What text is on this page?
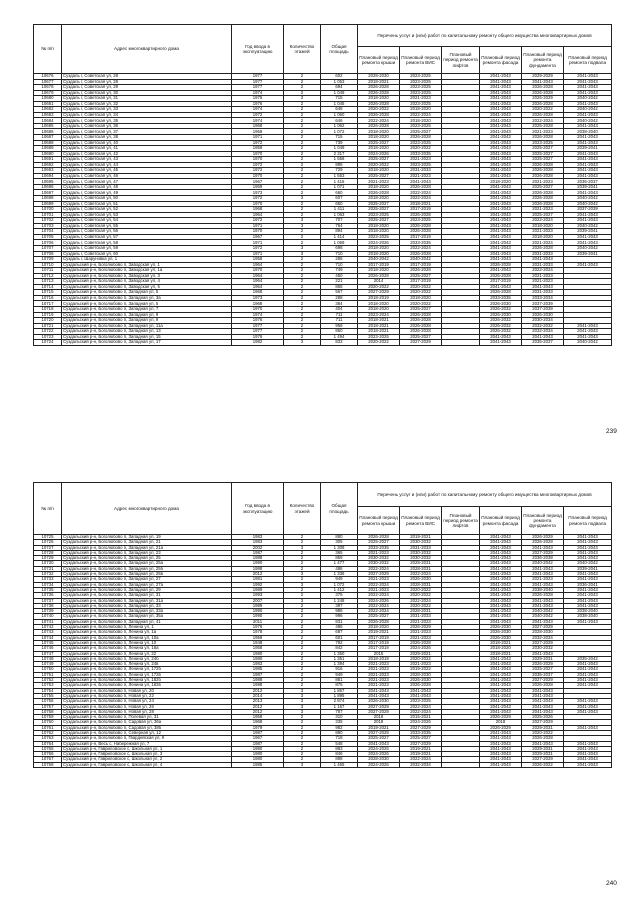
№ п/п	Адрес многоквартирного дома	Год ввода в эксплуатацию	Количество этажей	Общая площадь	Перечень услуг и (или) работ по капитальному ремонту общего имущества многоквартирных домов					
					Плановый период ремонта крыши	Плановый период ремонта ВИС	Плановый период ремонта лифтов	Плановый период ремонта фасада	Плановый период ремонта фундамента	Плановый период ремонта подвала
10676	Суздаль г, Советская ул, 28	1977	2	602	2028-2030	2023-2025		2041-2043	2029-2029	2041-2043
10677	Суздаль г, Советская ул, 28	1977	2	1 053	2018-2021	2023-2025		2041-2043	2041-2043	2041-2043
10678	Суздаль г, Советская ул, 29	1977	2	694	2026-2028	2023-2025		2041-2043	2026-2028	2041-2043
10679	Суздаль г, Советская ул, 30	1974	2	1 049	2026-2028	2023-2025		2041-2043	2026-2028	2041-2043
10680	Суздаль г, Советская ул, 31	1975	3	715	2018-2020	2021-2023		2041-2043	2026-2029	2040-2042
10681	Суздаль г, Советская ул, 32	1976	2	1 045	2026-2028	2023-2025		2041-2043	2026-2028	2041-2043
10682	Суздаль г, Советская ул, 33	1974	2	648	2020-2022	2018-2020		2041-2043	2020-2022	2040-2042
10683	Суздаль г, Советская ул, 34	1972	2	1 060	2026-2028	2022-2024		2041-2043	2026-2028	2041-2043
10684	Суздаль г, Советская ул, 35	1974	2	646	2022-2024	2018-2020		2041-2043	2022-2024	2040-2042
10685	Суздаль г, Советская ул, 36	1968	2	1 062	2026-2028	2023-2025		2041-2043	2026-2028	2041-2043
10686	Суздаль г, Советская ул, 37	1969	2	1 072	2018-2020	2025-2027		2041-2043	2021-2023	2038-2040
10687	Суздаль г, Советская ул, 38	1971	2	715	2018-2020	2026-2028		2041-2043	2026-2028	2041-2043
10688	Суздаль г, Советская ул, 40	1972	2	739	2025-2027	2023-2025		2041-2043	2023-2025	2041-2043
10689	Суздаль г, Советская ул, 41	1959	2	1 049	2018-2020	2020-2022		2041-2043	2025-2027	2039-2041
10690	Суздаль г, Советская ул, 42	1970	2	2 317	2024-2026	2033-2035		2041-2043	2025-2027	2041-2043
10691	Суздаль г, Советская ул, 43	1970	2	1 558	2025-2027	2021-2023		2041-2043	2025-2027	2041-2043
10692	Суздаль г, Советская ул, 44	1972	2	895	2020-2022	2023-2025		2041-2043	2026-2028	2041-2043
10693	Суздаль г, Советская ул, 45	1972	2	729	2018-2020	2031-2033		2041-2043	2026-2028	2041-2043
10694	Суздаль г, Советская ул, 46	1970	2	1 553	2025-2027	2021-2023		2041-2043	2026-2028	2041-2043
10695	Суздаль г, Советская ул, 47	1967	2	1 416	2021-2023	2041-2043		2018-2020	2021-2023	2035-2037
10696	Суздаль г, Советская ул, 48	1969	2	1 071	2018-2020	2026-2028		2041-2043	2025-2027	2039-2041
10697	Суздаль г, Советская ул, 49	1973	2	660	2026-2028	2022-2024		2041-2043	2026-2028	2041-2043
10698	Суздаль г, Советская ул, 50	1972	3	607	2018-2020	2022-2024		2041-2043	2026-2028	2040-2042
10699	Суздаль г, Советская ул, 51	1970	2	650	2025-2027	2018-2021		2041-2043	2026-2028	2040-2042
10700	Суздаль г, Советская ул, 52	1968	2	1 411	2025-2027	2017-2019		2041-2043	2021-2023	2037-2039
10701	Суздаль г, Советская ул, 53	1964	2	1 063	2023-2025	2026-2028		2041-2043	2025-2027	2041-2043
10702	Суздаль г, Советская ул, 54	1972	3	707	2025-2027	2023-2025		2041-2043	2022-2024	2041-2043
10703	Суздаль г, Советская ул, 55	1971	3	764	2018-2020	2026-2028		2041-2043	2018-2020	2040-2042
10704	Суздаль г, Советская ул, 56	1970	2	894	2018-2020	2026-2028		2041-2043	2021-2023	2039-2041
10705	Суздаль г, Советская ул, 57	1967	2	1 414	2023-2025	2017-2019		2041-2043	2018-2020	2041-2043
10706	Суздаль г, Советская ул, 58	1971	2	1 069	2024-2026	2033-2035		2041-2043	2021-2024	2041-2043
10707	Суздаль г, Советская ул, 59	1972	3	698	2018-2020	2022-2024		2041-2043	2026-2028	2040-2042
10708	Суздаль г, Советская ул, 60	1971	3	710	2018-2020	2026-2028		2041-2043	2031-2033	2039-2041
10709	Суздаль г, Шаруновка ул, 1	1958	2	286	2040-2042	2040-2042		2041-2043	2041-2043	
10710	Суздальский р-н, Боголюбово п, Заводская ул, 1	1964	2	710	2017-2019	2017-2019		2026-2028	2031-2033	2041-2043
10711	Суздальский р-н, Боголюбово п, Заводская ул, 1а	1970	2	749	2018-2020	2026-2028		2041-2043	2022-2024	
10712	Суздальский р-н, Боголюбово п, Заводская ул, 3	1964	2	450	2026-2028	2025-2027		2026-2028	2021-2023	
10713	Суздальский р-н, Боголюбово п, Заводская ул, 4	1964	2	221	2014	2017-2019		2017-2019	2021-2023	
10714	Суздальский р-н, Боголюбово п, Заводская ул, 5	1964	2	865	2020-2022	2020-2022		2041-2043	2041-2043	
10715	Суздальский р-н, Боголюбово п, Западная ул, 5	1968	2	567	2027-2029	2020-2022		2026-2028	2031-2033	
10716	Суздальский р-н, Боголюбово п, Западная ул, 3а	1973	2	288	2018-2019	2018-2020		2033-2035	2033-2034	
10717	Суздальский р-н, Боголюбово п, Западная ул, 5	1968	2	384	2018-2020	2020-2022		2026-2030	2037-2039	
10718	Суздальский р-н, Боголюбово п, Западная ул, 7	1970	2	404	2018-2020	2025-2027		2026-2032	2037-2039	
10719	Суздальский р-н, Боголюбово п, Западная ул, 9	1974	2	711	2023-2024	2026-2028		2026-2030	2026-2030	
10720	Суздальский р-н, Боголюбово п, Западная ул, 9	1976	2	711	2018-2021	2026-2028		2026-2032	2030-2034	
10721	Суздальский р-н, Боголюбово п, Западная ул, 11а	1977	2	958	2018-2021	2026-2028		2026-2032	2032-2032	2041-2043
10722	Суздальский р-н, Боголюбово п, Западная ул, 13	1977	2	860	2018-2021	2026-2028		2026-2032	2032-2034	2041-2043
10723	Суздальский р-н, Боголюбово п, Западная ул, 15	1976	2	1 494	2023-2025	2025-2027		2041-2043	2041-2043	2041-2043
10724	Суздальский р-н, Боголюбово п, Западная ул, 17	1982	3	833	2020-2022	2027-2029		2041-2043	2035-2037	2040-2042
239
№ п/п	Адрес многоквартирного дома	Год ввода в эксплуатацию	Количество этажей	Общая площадь	Перечень услуг и (или) работ по капитальному ремонту общего имущества многоквартирных домов					
					Плановый период ремонта крыши	Плановый период ремонта ВИС	Плановый период ремонта лифтов	Плановый период ремонта фасада	Плановый период ремонта фундамента	Плановый период ремонта подвала
10725	Суздальский р-н, Боголюбово п, Западная ул, 19	1983	2	880	2026-2028	2019-2021		2041-2043	2026-2029	2041-2043
10726	Суздальский р-н, Боголюбово п, Западная ул, 21	1983	2	305	2025-2027	2030-2032		2041-2043	2026-2028	2041-2043
10727	Суздальский р-н, Боголюбово п, Западная ул, 21а	2002	3	1 308	2033-2035	2031-2033		2041-2043	2041-2043	2041-2043
10728	Суздальский р-н, Боголюбово п, Западная ул, 23	1987	2	365	2021-2023	2030-2032		2041-2043	2027-2029	2041-2043
10729	Суздальский р-н, Боголюбово п, Западная ул, 25	1988	2	859	2030-2032	2030-2032		2041-2043	2036-2038	2041-2043
10730	Суздальский р-н, Боголюбово п, Западная ул, 25а	1990	2	1 477	2030-2032	2028-2031		2041-2043	2040-2042	2040-2042
10731	Суздальский р-н, Боголюбово п, Западная ул, 25б	1988	2	486	2022-2024	2028-2031		2041-2043	2041-2043	2039-2041
10732	Суздальский р-н, Боголюбово п, Западная ул, 25в	2012	3	1 336	2027-2029	2022-2024		2041-2043	2041-2043	2041-2043
10733	Суздальский р-н, Боголюбово п, Западная ул, 27	1981	2	949	2021-2023	2026-2030		2041-2043	2021-2023	2041-2043
10734	Суздальский р-н, Боголюбово п, Западная ул, 27а	1992	3	1 072	2022-2024	2028-2031		2041-2043	2041-2043	2036-2041
10735	Суздальский р-н, Боголюбово п, Западная ул, 29	1989	2	1 412	2021-2023	2020-2022		2041-2043	2038-2040	2041-2043
10736	Суздальский р-н, Боголюбово п, Западная ул, 31	1993	2	375	2022-2024	2020-2022		2041-2043	2026-2028	2041-2043
10737	Суздальский р-н, Боголюбово п, Западная ул, 31а	2007	3	1 248	2024-2026	2022-2024		2041-2043	2041-2043	2041-2043
10738	Суздальский р-н, Боголюбово п, Западная ул, 33	1989	2	387	2022-2024	2020-2022		2041-2043	2041-2043	2041-2043
10739	Суздальский р-н, Боголюбово п, Западная ул, 33а	1990	2	988	2022-2024	2028-2031		2041-2043	2040-2042	2038-2040
10740	Суздальский р-н, Боголюбово п, Западная ул, 35а	1990	2	996	2025-2027	2031-2033		2041-2043	2040-2042	2038-2040
10741	Суздальский р-н, Боголюбово п, Западная ул, 41	2011	2	831	2026-2028	2021-2023		2041-2043	2041-2043	2041-2043
10742	Суздальский р-н, Боголюбово п, Ленина ул, 1	1976	2	486	2018-2020	2026-2029		2026-2030	2027-2029	
10743	Суздальский р-н, Боголюбово п, Ленина ул, 1а	1978	2	687	2019-2021	2021-2023		2026-2030	2028-2030	
10744	Суздальский р-н, Боголюбово п, Ленина ул, 10а	1959	2	601	2017-2019	2021-2023		2026-2030	2032-2034	
10745	Суздальский р-н, Боголюбово п, Ленина ул, 10	1948	2	792	2017-2019	2026-2028		2018-2021	2027-2029	
10746	Суздальский р-н, Боголюбово п, Ленина ул, 16а	1958	2	842	2017-2019	2024-2026		2018-2020	2030-2032	
10747	Суздальский р-н, Боголюбово п, Ленина ул, 22	1980	2	1 350	2015	2029-2021		2018-2021	2041-2043	
10748	Суздальский р-н, Боголюбово п, Ленина ул, 24б	1980	2	1 351	2018-2019	2020-2022		2041-2043	2029-2031	2035-2042
10749	Суздальский р-н, Боголюбово п, Ленина ул, 24в	1983	2	1 394	2021-2023	2021-2023		2041-2043	2026-2029	2041-2043
10750	Суздальский р-н, Боголюбово п, Ленина ул, 172б	1985	2	916	2021-2023	2019-2022		2041-2043	2025-2027	2041-2043
10751	Суздальский р-н, Боголюбово п, Ленина ул, 172в	1987	2	949	2021-2023	2028-2030		2041-2043	2035-2037	2041-2043
10752	Суздальский р-н, Боголюбово п, Ленина ул, 182б	1988	2	881	2021-2023	2026-2030		2041-2043	2027-2029	2041-2043
10753	Суздальский р-н, Боголюбово п, Ленина ул, 182в	1988	2	875	2021-2023	2026-2028		2041-2043	2026-2028	2041-2043
10754	Суздальский р-н, Боголюбово п, Новая ул, 20	2012	3	1 867	2041-2043	2041-2043		2041-2043	2041-2043	
10755	Суздальский р-н, Боголюбово п, Новая ул, 22	2014	3	1 895	2041-2043	2041-2043		2041-2043	2041-2043	
10756	Суздальский р-н, Боголюбово п, Новая ул, 24	2013	3	2 874	2026-2030	2023-2025		2041-2043	2041-2043	2041-2043
10757	Суздальский р-н, Боголюбово п, Новая ул, 26	2012	3	1 157	2027-2029	2022-2024		2041-2043	2041-2043	2041-2043
10758	Суздальский р-н, Боголюбово п, Новая ул, 28	2012	3	787	2027-2029	2022-2024		2041-2043	2041-2043	2041-2043
10759	Суздальский р-н, Боголюбово п, Полевая ул, 31	1958	2	310	2018	2015-2021		2026-2029	2025-2026	
10760	Суздальский р-н, Боголюбово п, Садовая ул, 36а	1968	2	335	2018	2024-2026		2018	2027-2029	
10761	Суздальский р-н, Боголюбово п, Садовая ул, 38б	1979	2	982	2019-2021	2027-2029		2026-2029	2029-2031	2041-2043
10762	Суздальский р-н, Боголюбово п, Северная ул, 12	1987	2	890	2027-2029	2033-2035		2041-2043	2020-2022	
10763	Суздальский р-н, Боголюбово п, Гвардейская ул, 9	1967	2	718	2025-2027	2025-2027		2041-2043	2026-2028	
10764	Суздальский р-н, Весь с, Набережная ул, 7	1987	2	548	2041-2043	2027-2029		2041-2043	2041-2043	2041-2043
10765	Суздальский р-н, Гавриловское с, Школьная ул, 1	1980	2	883	2024-2026	2019-2021		2041-2043	2029-2031	2041-2043
10766	Суздальский р-н, Гавриловское с, Школьная ул, 3	1980	2	846	2024-2026	2019-2021		2041-2043	2029-2031	2041-2043
10767	Суздальский р-н, Гавриловское с, Школьная ул, 2	1980	2	898	2028-2030	2022-2024		2041-2043	2027-2029	2041-2043
10768	Суздальский р-н, Гавриловское с, Школьная ул, 4	1985	3	1 465	2024-2026	2032-2034		2041-2043	2026-2022	2041-2043
240
